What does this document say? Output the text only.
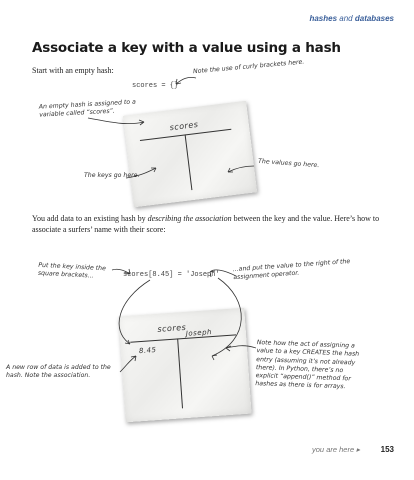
hashes and databases
Associate a key with a value using a hash
Start with an empty hash:
scores = {}
Note the use of curly brackets here.
An empty hash is assigned to a variable called “scores”.
scores
The keys go here.
The values go here.
You add data to an existing hash by describing the association between the key and the value. Here’s how to associate a surfers’ name with their score:
scores[8.45] = 'Joseph'
Put the key inside the square brackets...
...and put the value to the right of the assignment operator.
scores
8.45
Joseph
A new row of data is added to the hash. Note the association.
Note how the act of assigning a value to a key CREATES the hash entry (assuming it’s not already there). In Python, there’s no explicit “append()” method for hashes as there is for arrays.
you are here ▸	153
